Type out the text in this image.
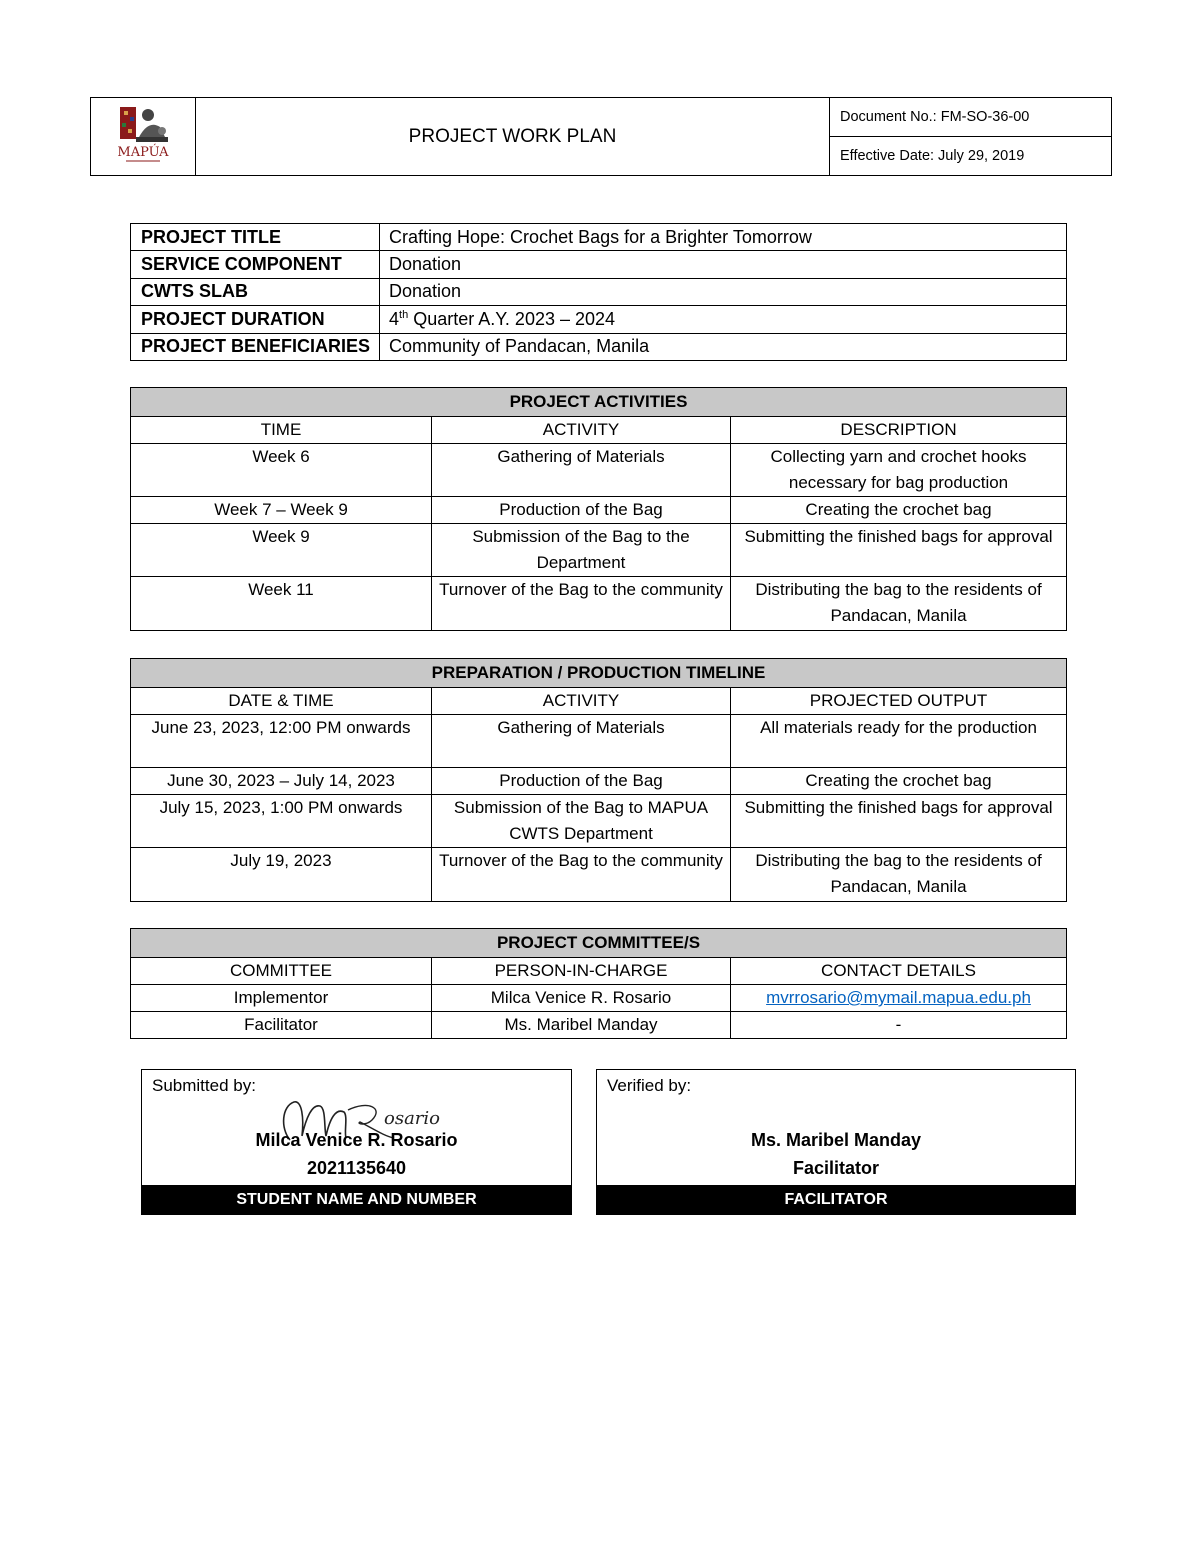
MAPÚA
	PROJECT WORK PLAN	Document No.: FM-SO-36-00
Effective Date: July 29, 2019
PROJECT TITLE	Crafting Hope: Crochet Bags for a Brighter Tomorrow
SERVICE COMPONENT	Donation
CWTS SLAB	Donation
PROJECT DURATION	4th Quarter A.Y. 2023 – 2024
PROJECT BENEFICIARIES	Community of Pandacan, Manila
PROJECT ACTIVITIES		
TIME	ACTIVITY	DESCRIPTION
Week 6	Gathering of Materials	Collecting yarn and crochet hooks necessary for bag production
Week 7 – Week 9	Production of the Bag	Creating the crochet bag
Week 9	Submission of the Bag to the Department	Submitting the finished bags for approval
Week 11	Turnover of the Bag to the community	Distributing the bag to the residents of Pandacan, Manila
PREPARATION / PRODUCTION TIMELINE		
DATE & TIME	ACTIVITY	PROJECTED OUTPUT
June 23, 2023, 12:00 PM onwards	Gathering of Materials	All materials ready for the production
June 30, 2023 – July 14, 2023	Production of the Bag	Creating the crochet bag
July 15, 2023, 1:00 PM onwards	Submission of the Bag to MAPUA CWTS Department	Submitting the finished bags for approval
July 19, 2023	Turnover of the Bag to the community	Distributing the bag to the residents of Pandacan, Manila
PROJECT COMMITTEE/S		
COMMITTEE	PERSON-IN-CHARGE	CONTACT DETAILS
Implementor	Milca Venice R. Rosario	mvrrosario@mymail.mapua.edu.ph
Facilitator	Ms. Maribel Manday	-
Submitted by:
osario
Milca Venice R. Rosario
2021135640
STUDENT NAME AND NUMBER
Verified by:
Ms. Maribel Manday
Facilitator
FACILITATOR
